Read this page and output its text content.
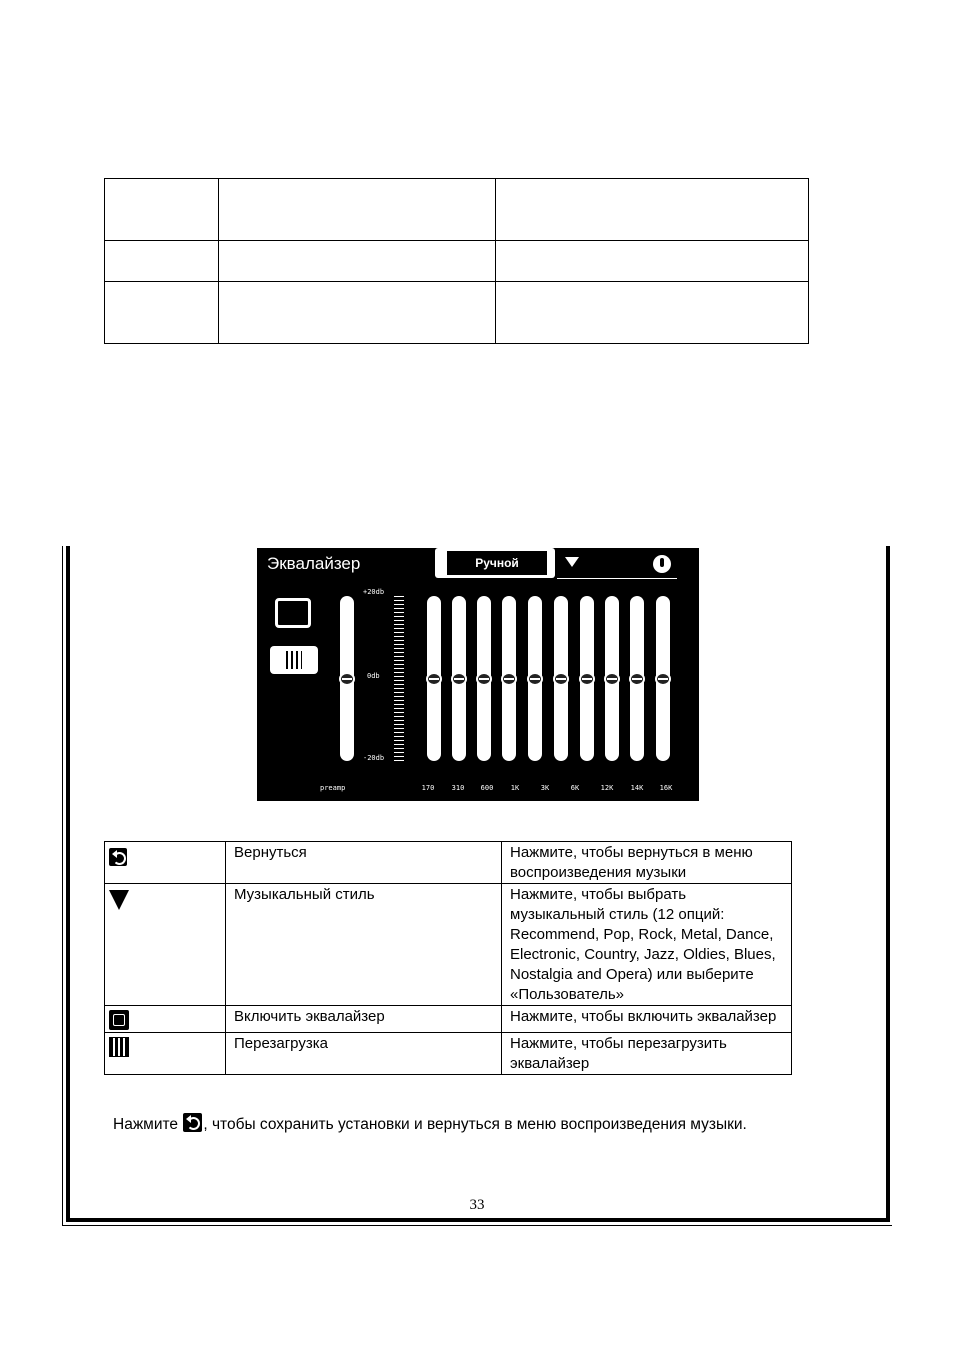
Эквалайзер	Ручной
+20db
0db
-20db
preamp	170	310	600	1K	3K	6K	12K	14K	16K
	Вернуться	Нажмите, чтобы вернуться в меню воспроизведения музыки

	Музыкальный стиль	Нажмите, чтобы выбрать музыкальный стиль (12 опций: Recommend, Pop, Rock, Metal, Dance, Electronic, Country, Jazz, Oldies, Blues, Nostalgia and Opera) или выберите «Пользователь»

	Включить эквалайзер	Нажмите, чтобы включить эквалайзер

	Перезагрузка	Нажмите, чтобы перезагрузить эквалайзер
Нажмите , чтобы сохранить установки и вернуться в меню воспроизведения музыки.
33
